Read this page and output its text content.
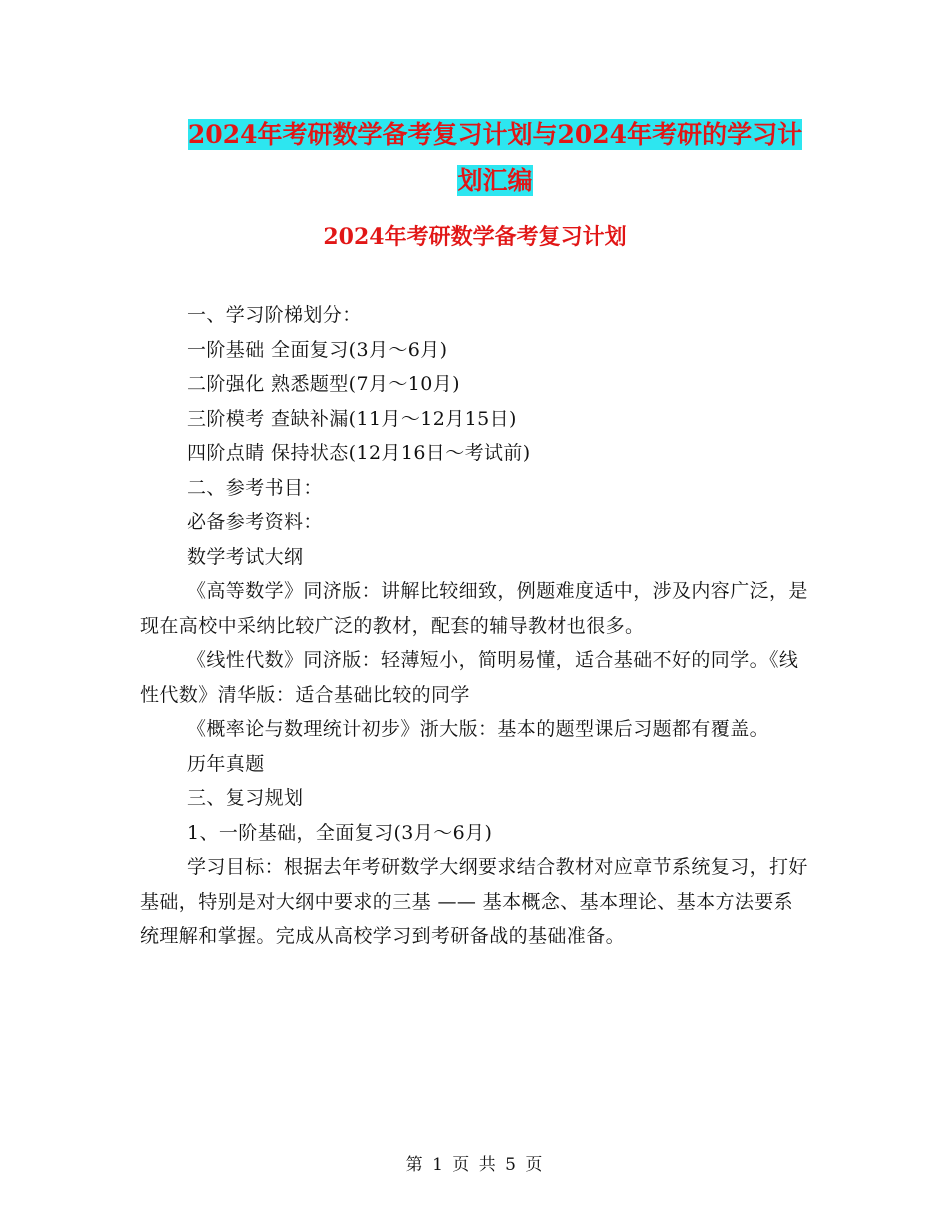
2024年考研数学备考复习计划与2024年考研的学习计
划汇编
2024年考研数学备考复习计划

一、学习阶梯划分：

一阶基础 全面复习(3月～6月)

二阶强化 熟悉题型(7月～10月)

三阶模考 查缺补漏(11月～12月15日)

四阶点睛 保持状态(12月16日～考试前)

二、参考书目：

必备参考资料：

数学考试大纲

《高等数学》同济版：讲解比较细致，例题难度适中，涉及内容广泛，是现在高校中采纳比较广泛的教材，配套的辅导教材也很多。

《线性代数》同济版：轻薄短小，简明易懂，适合基础不好的同学。《线性代数》清华版：适合基础比较的同学

《概率论与数理统计初步》浙大版：基本的题型课后习题都有覆盖。

历年真题

三、复习规划

1、一阶基础，全面复习(3月～6月)

学习目标：根据去年考研数学大纲要求结合教材对应章节系统复习，打好基础，特别是对大纲中要求的三基 —— 基本概念、基本理论、基本方法要系统理解和掌握。完成从高校学习到考研备战的基础准备。

第 1 页 共 5 页
